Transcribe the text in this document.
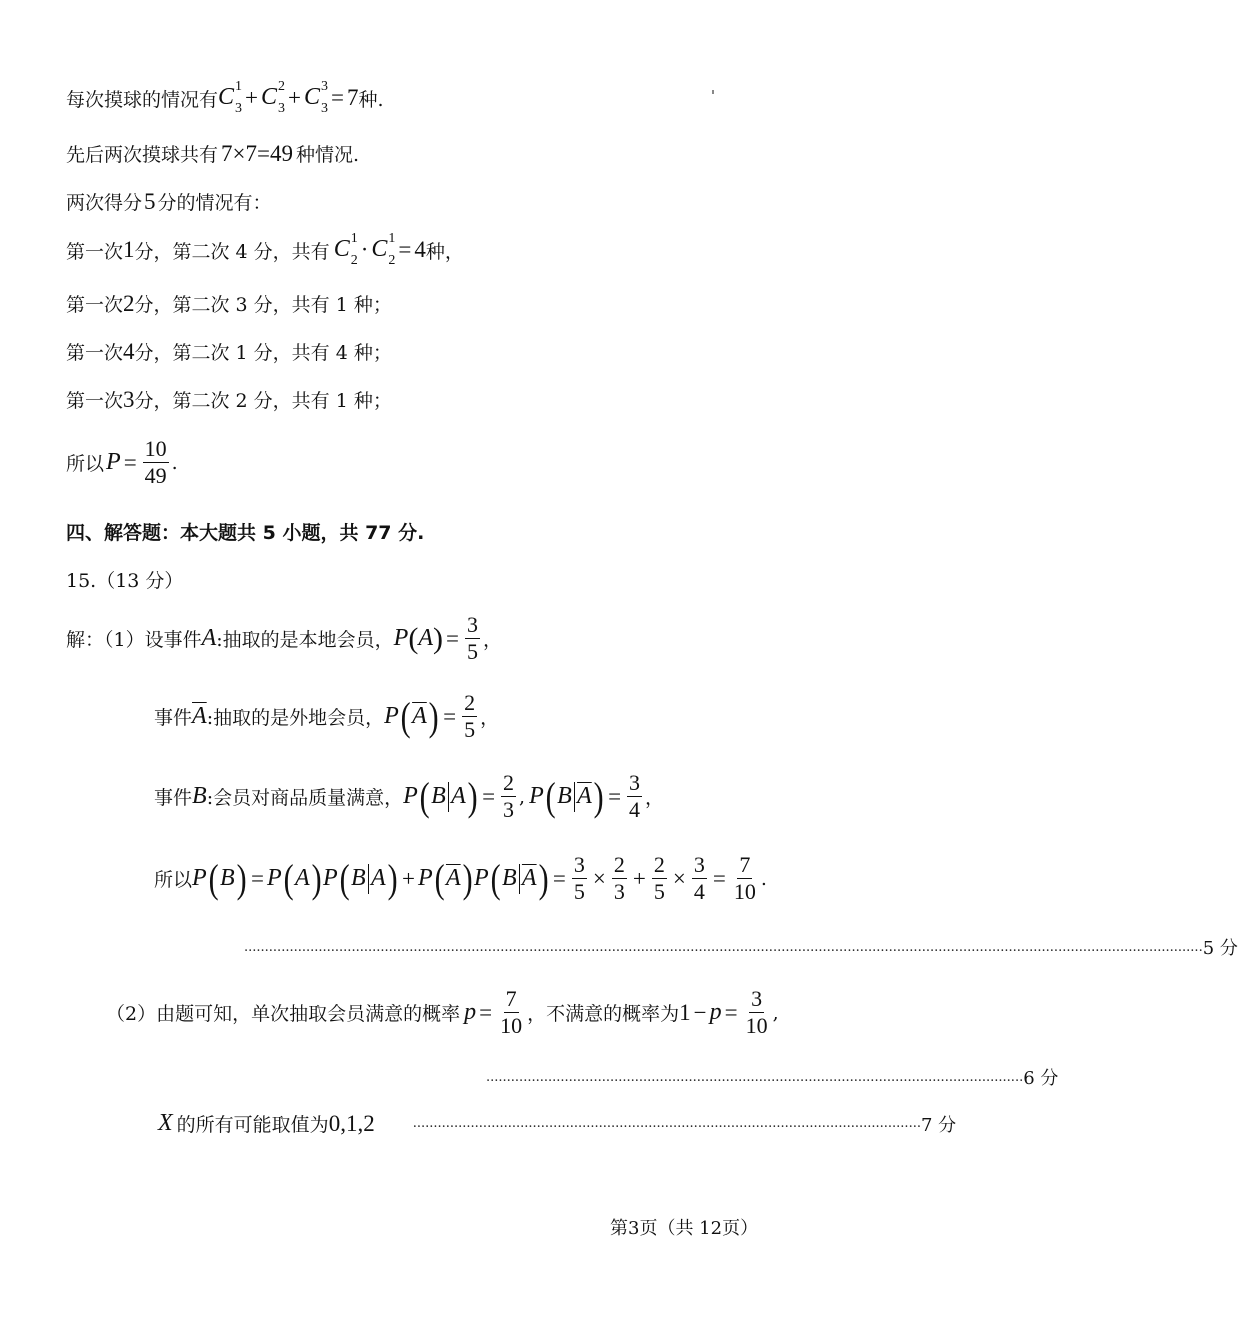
每次摸球的情况有 C 1
3 + C 2
3 + C 3
3 = 7 种.
先后两次摸球共有 7×7=49 种情况.
两次得分 5 分的情况有：
第一次 1 分，第二次 4 分，共有 C 1
2 · C 1
2 = 4 种，
第一次 2 分，第二次 3 分，共有 1 种；
第一次 4 分，第二次 1 分，共有 4 种；
第一次 3 分，第二次 2 分，共有 1 种；
所以 $P = \frac{10}{49}$ .
四、解答题：本大题共 5 小题，共 77 分.
15.（13 分）
解：（1）设事件 A :抽取的是本地会员， P ( A ) = $\frac{3}{5}$ ，
事件 $\overline{A}$ :抽取的是外地会员， P ( $\overline{A}$ ) = $\frac{2}{5}$ ，
事件 B :会员对商品质量满意， P ( B A ) = $\frac{2}{3}$ , P ( B $\overline{A}$ ) = $\frac{3}{4}$ ，
所以 P ( B ) = P ( A ) P ( B A ) + P ( $\overline{A}$ ) P ( B $\overline{A}$ ) = $\frac{3}{5} \times \frac{2}{3} + \frac{2}{5} \times \frac{3}{4} = \frac{7}{10}$ .
........................................................................................................................................................................................................................................ 5 分
（2）由题可知，单次抽取会员满意的概率 $p = \frac{7}{10}$ ，不满意的概率为 $1 - p = \frac{3}{10}$ ,
.................................................................................................................................. 6 分
X 的所有可能取值为 0,1,2	........................................................................................................................... 7 分
第3页（共 12页）
